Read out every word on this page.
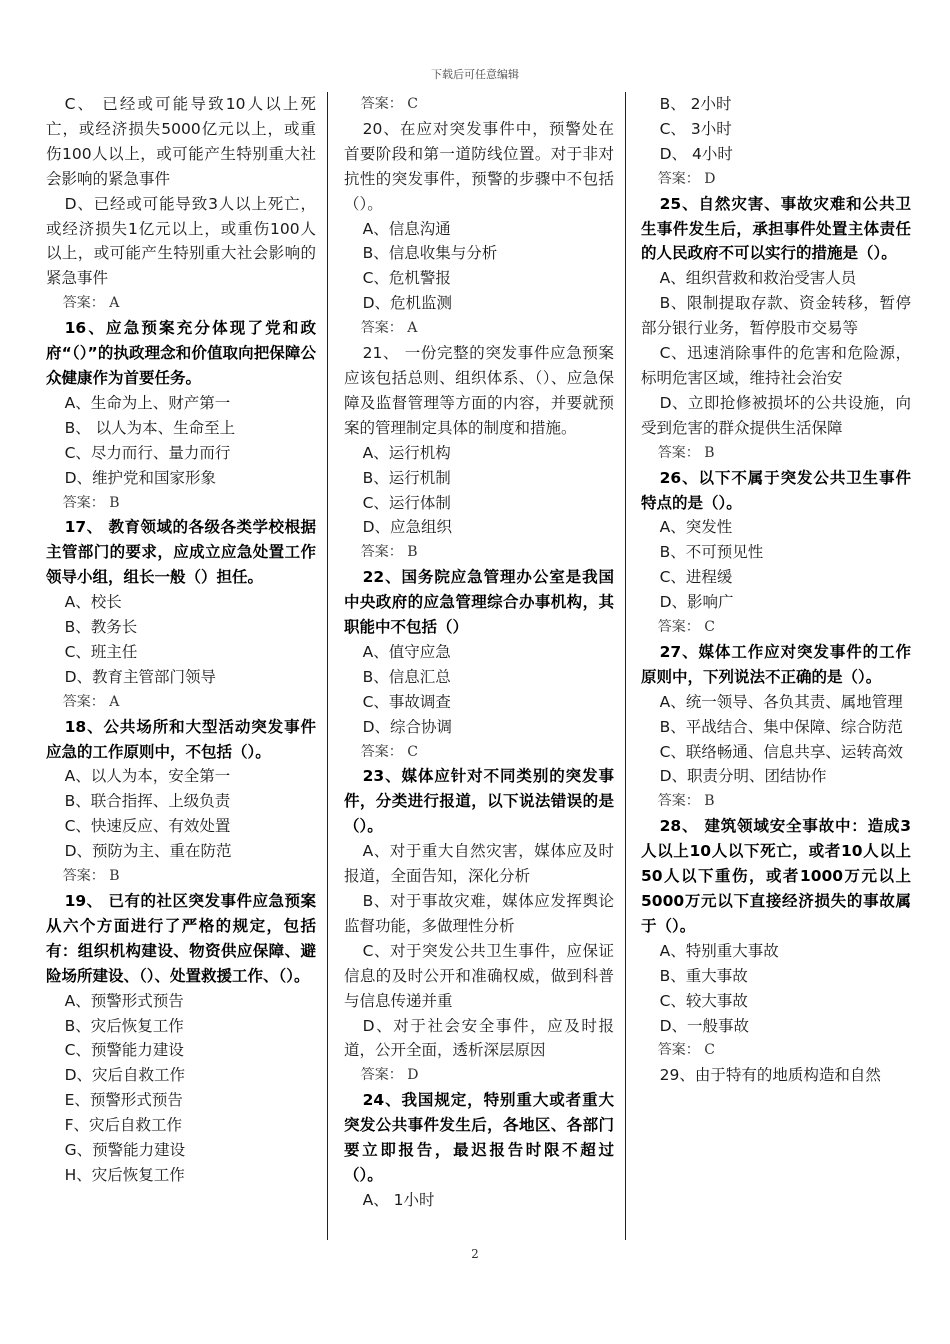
下载后可任意编辑

C、 已经或可能导致10人以上死亡，或经济损失5000亿元以上，或重伤100人以上，或可能产生特别重大社会影响的紧急事件

D、已经或可能导致3人以上死亡，或经济损失1亿元以上，或重伤100人以上，或可能产生特别重大社会影响的紧急事件

答案： A

16、应急预案充分体现了党和政府“（）”的执政理念和价值取向把保障公众健康作为首要任务。

A、生命为上、财产第一

B、 以人为本、生命至上

C、尽力而行、量力而行

D、维护党和国家形象

答案： B

17、 教育领域的各级各类学校根据主管部门的要求，应成立应急处置工作领导小组，组长一般（）担任。

A、校长

B、教务长

C、班主任

D、教育主管部门领导

答案： A

18、公共场所和大型活动突发事件应急的工作原则中，不包括（）。

A、以人为本，安全第一

B、联合指挥、上级负责

C、快速反应、有效处置

D、预防为主、重在防范

答案： B

19、 已有的社区突发事件应急预案从六个方面进行了严格的规定，包括有：组织机构建设、物资供应保障、避险场所建设、（）、处置救援工作、（）。

A、预警形式预告

B、灾后恢复工作

C、预警能力建设

D、灾后自救工作

E、预警形式预告

F、灾后自救工作

G、预警能力建设

H、灾后恢复工作

答案： C

20、在应对突发事件中，预警处在首要阶段和第一道防线位置。对于非对抗性的突发事件，预警的步骤中不包括（）。

A、信息沟通

B、信息收集与分析

C、危机警报

D、危机监测

答案： A

21、 一份完整的突发事件应急预案应该包括总则、组织体系、（）、应急保障及监督管理等方面的内容，并要就预案的管理制定具体的制度和措施。

A、运行机构

B、运行机制

C、运行体制

D、应急组织

答案： B

22、国务院应急管理办公室是我国中央政府的应急管理综合办事机构，其职能中不包括（）

A、值守应急

B、信息汇总

C、事故调查

D、综合协调

答案： C

23、媒体应针对不同类别的突发事件，分类进行报道，以下说法错误的是（）。

A、对于重大自然灾害，媒体应及时报道，全面告知，深化分析

B、对于事故灾难，媒体应发挥舆论监督功能，多做理性分析

C、对于突发公共卫生事件，应保证信息的及时公开和准确权威，做到科普与信息传递并重

D、对于社会安全事件，应及时报道，公开全面，透析深层原因

答案： D

24、我国规定，特别重大或者重大突发公共事件发生后，各地区、各部门要立即报告，最迟报告时限不超过（）。

A、 1小时

B、 2小时

C、 3小时

D、 4小时

答案： D

25、自然灾害、事故灾难和公共卫生事件发生后，承担事件处置主体责任的人民政府不可以实行的措施是（）。

A、组织营救和救治受害人员

B、限制提取存款、资金转移，暂停部分银行业务，暂停股市交易等

C、迅速消除事件的危害和危险源，标明危害区域，维持社会治安

D、立即抢修被损坏的公共设施，向受到危害的群众提供生活保障

答案： B

26、以下不属于突发公共卫生事件特点的是（）。

A、突发性

B、不可预见性

C、进程缓

D、影响广

答案： C

27、媒体工作应对突发事件的工作原则中，下列说法不正确的是（）。

A、统一领导、各负其责、属地管理

B、平战结合、集中保障、综合防范

C、联络畅通、信息共享、运转高效

D、职责分明、团结协作

答案： B

28、 建筑领域安全事故中：造成3人以上10人以下死亡，或者10人以上50人以下重伤，或者1000万元以上5000万元以下直接经济损失的事故属于（）。

A、特别重大事故

B、重大事故

C、较大事故

D、一般事故

答案： C

29、由于特有的地质构造和自然

2
